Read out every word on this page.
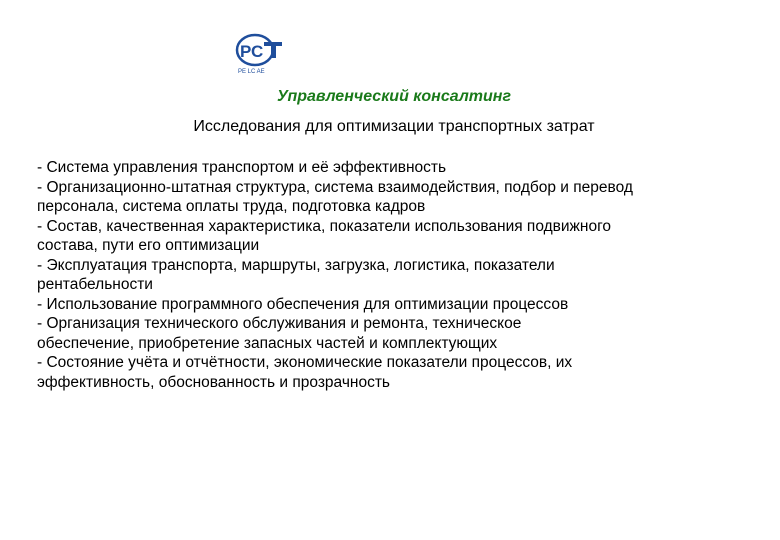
P C
PE LC AE
Управленческий консалтинг
Исследования для оптимизации транспортных затрат
- Система управления транспортом и её эффективность
- Организационно-штатная структура, система взаимодействия, подбор и перевод
персонала, система оплаты труда, подготовка кадров
- Состав, качественная характеристика, показатели использования подвижного
состава, пути его оптимизации
- Эксплуатация транспорта, маршруты, загрузка, логистика, показатели
рентабельности
- Использование программного обеспечения для оптимизации процессов
- Организация технического обслуживания и ремонта, техническое
обеспечение, приобретение запасных частей и комплектующих
- Состояние учёта и отчётности, экономические показатели процессов, их
эффективность, обоснованность и прозрачность
